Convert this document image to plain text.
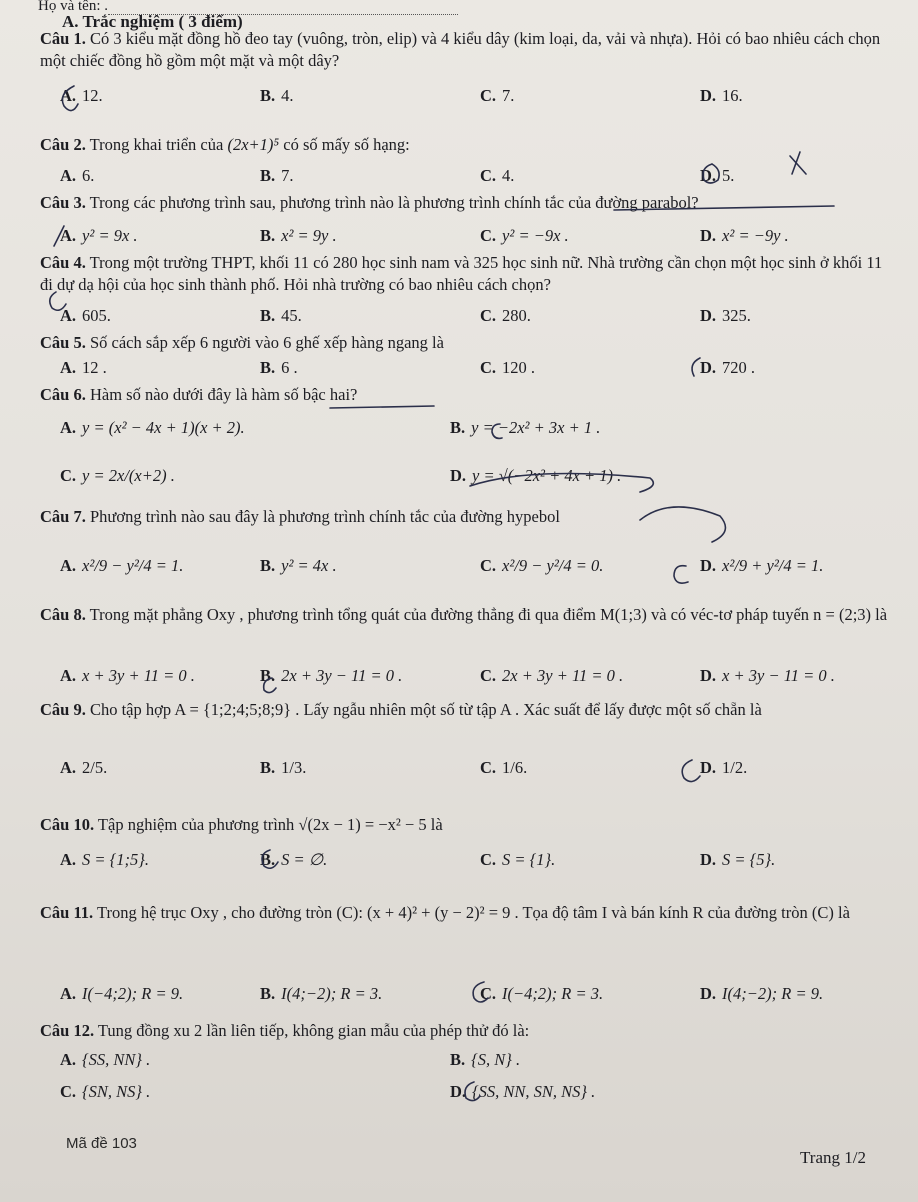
Họ và tên: .
A. Trắc nghiệm ( 3 điểm)
Câu 1. Có 3 kiểu mặt đồng hồ đeo tay (vuông, tròn, elip) và 4 kiểu dây (kim loại, da, vải và nhựa). Hỏi có bao nhiêu cách chọn một chiếc đồng hồ gồm một mặt và một dây?
A. 12.	B. 4.	C. 7.	D. 16.
Câu 2. Trong khai triển của (2x+1)⁵ có số mấy số hạng:
A. 6.	B. 7.	C. 4.	D. 5.
Câu 3. Trong các phương trình sau, phương trình nào là phương trình chính tắc của đường parabol?
A. y² = 9x .	B. x² = 9y .	C. y² = −9x .	D. x² = −9y .
Câu 4. Trong một trường THPT, khối 11 có 280 học sinh nam và 325 học sinh nữ. Nhà trường cần chọn một học sinh ở khối 11 đi dự dạ hội của học sinh thành phố. Hỏi nhà trường có bao nhiêu cách chọn?
A. 605.	B. 45.	C. 280.	D. 325.
Câu 5. Số cách sắp xếp 6 người vào 6 ghế xếp hàng ngang là
A. 12 .	B. 6 .	C. 120 .	D. 720 .
Câu 6. Hàm số nào dưới đây là hàm số bậc hai?
A. y = (x² − 4x + 1)(x + 2).	B. y = −2x² + 3x + 1 .
C. y = 2x/(x+2) .	D. y = √(−2x² + 4x + 1) .
Câu 7. Phương trình nào sau đây là phương trình chính tắc của đường hypebol
A. x²/9 − y²/4 = 1.	B. y² = 4x .	C. x²/9 − y²/4 = 0.	D. x²/9 + y²/4 = 1.
Câu 8. Trong mặt phẳng Oxy , phương trình tổng quát của đường thẳng đi qua điểm M(1;3) và có véc-tơ pháp tuyến n = (2;3) là
A. x + 3y + 11 = 0 .	B. 2x + 3y − 11 = 0 .	C. 2x + 3y + 11 = 0 .	D. x + 3y − 11 = 0 .
Câu 9. Cho tập hợp A = {1;2;4;5;8;9} . Lấy ngẫu nhiên một số từ tập A . Xác suất để lấy được một số chẵn là
A. 2/5.	B. 1/3.	C. 1/6.	D. 1/2.
Câu 10. Tập nghiệm của phương trình √(2x − 1) = −x² − 5 là
A. S = {1;5}.	B. S = ∅.	C. S = {1}.	D. S = {5}.
Câu 11. Trong hệ trục Oxy , cho đường tròn (C): (x + 4)² + (y − 2)² = 9 . Tọa độ tâm I và bán kính R của đường tròn (C) là
A. I(−4;2); R = 9.	B. I(4;−2); R = 3.	C. I(−4;2); R = 3.	D. I(4;−2); R = 9.
Câu 12. Tung đồng xu 2 lần liên tiếp, không gian mẫu của phép thử đó là:
A. {SS, NN} .	B. {S, N} .
C. {SN, NS} .	D. {SS, NN, SN, NS} .
Mã đề 103
Trang 1/2
